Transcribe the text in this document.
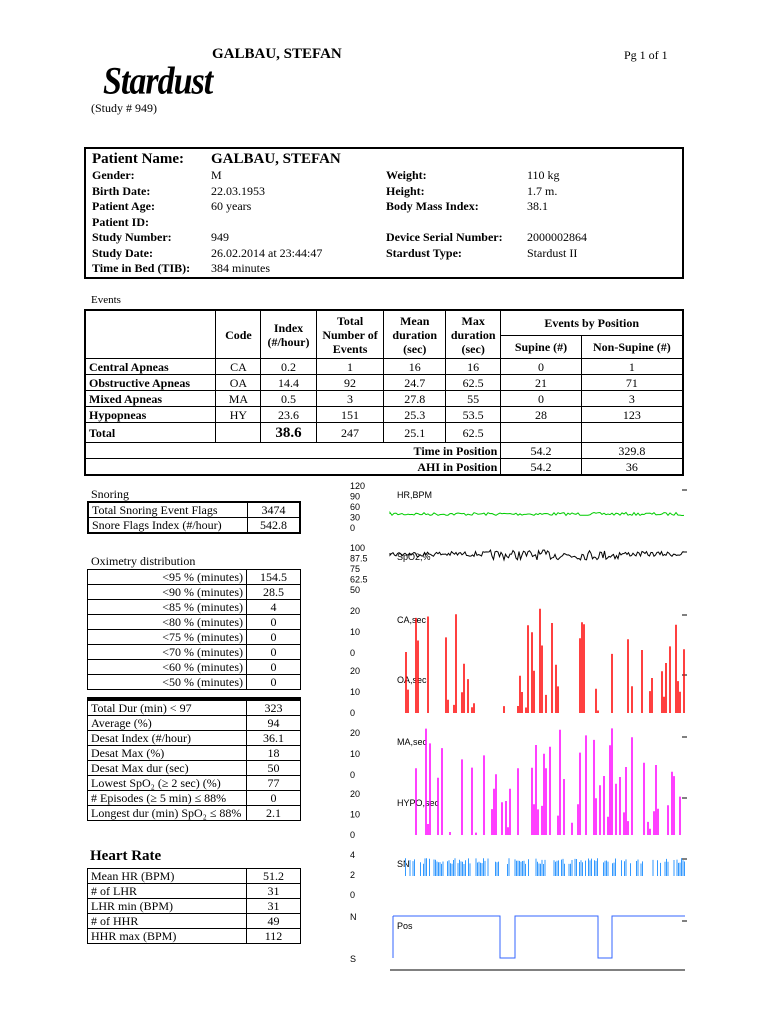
GALBAU, STEFAN	Pg 1 of 1
Stardust
(Study # 949)
Patient Name: GALBAU, STEFAN
Gender:	M
Birth Date:	22.03.1953
Patient Age:	60 years
Patient ID:
Study Number:	949
Study Date:	26.02.2014 at 23:44:47
Time in Bed (TIB): 384 minutes
Weight:	110 kg
Height:	1.7 m.
Body Mass Index:	38.1
Device Serial Number: 2000002864
Stardust Type:	Stardust II
Events
	Code	Index (#/hour)	Total Number of Events	Mean duration (sec)	Max duration (sec)	Events by Position	
						Supine (#)	Non-Supine (#)
Central Apneas	CA	0.2	1	16	16	0	1
Obstructive Apneas	OA	14.4	92	24.7	62.5	21	71
Mixed Apneas	MA	0.5	3	27.8	55	0	3
Hypopneas	HY	23.6	151	25.3	53.5	28	123
Total		38.6	247	25.1	62.5		
Time in Position						54.2	329.8
AHI in Position						54.2	36
Snoring
Total Snoring Event Flags	3474
Snore Flags Index (#/hour)	542.8
Oximetry distribution
<95 % (minutes)	154.5
<90 % (minutes)	28.5
<85 % (minutes)	4
<80 % (minutes)	0
<75 % (minutes)	0
<70 % (minutes)	0
<60 % (minutes)	0
<50 % (minutes)	0
Total Dur (min) < 97	323
Average (%)	94
Desat Index (#/hour)	36.1
Desat Max (%)	18
Desat Max dur (sec)	50
Lowest SpO₂ (≥ 2 sec) (%)	77
# Episodes (≥ 5 min) ≤ 88%	0
Longest dur (min) SpO₂ ≤ 88%	2.1
Heart Rate
Mean HR (BPM)	51.2
# of LHR	31
LHR min (BPM)	31
# of HHR	49
HHR max (BPM)	112
120
90
60
30
0
100
87.5
75
62.5
50
20
10
0
20
10
0
20
10
0
20
10
0
4
2
0
N
S
HR,BPM
SpO2,%
CA,sec
OA,sec
MA,sec
HYPO,sec
SN
Pos
